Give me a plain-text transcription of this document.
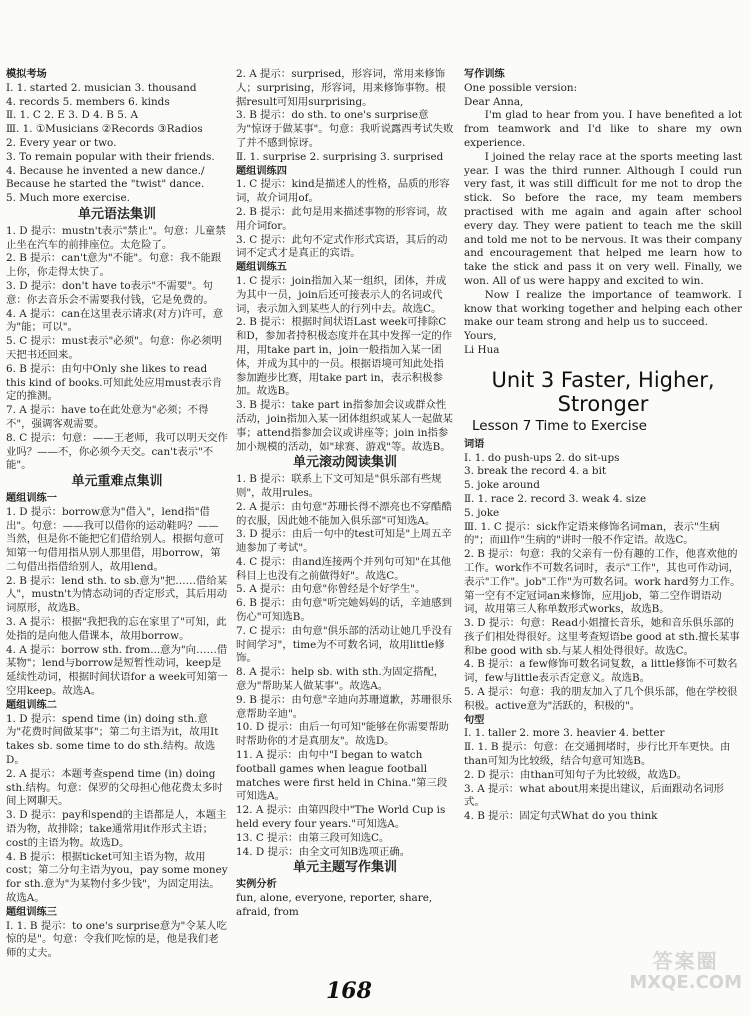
模拟考场

Ⅰ. 1. started 2. musician 3. thousand

4. records 5. members 6. kinds

Ⅱ. 1. C 2. E 3. D 4. B 5. A

Ⅲ. 1. ①Musicians ②Records ③Radios

2. Every year or two.

3. To remain popular with their friends.

4. Because he invented a new dance./ Because he started the "twist" dance.

5. Much more exercise.

单元语法集训

1. D 提示：mustn't表示"禁止"。句意：儿童禁止坐在汽车的前排座位。太危险了。

2. B 提示：can't意为"不能"。句意：我不能跟上你，你走得太快了。

3. D 提示：don't have to表示"不需要"。句意：你去音乐会不需要我付钱，它是免费的。

4. A 提示：can在这里表示请求(对方)许可，意为"能；可以"。

5. C 提示：must表示"必须"。句意：你必须明天把书还回来。

6. B 提示：由句中Only she likes to read this kind of books.可知此处应用must表示肯定的推测。

7. A 提示：have to在此处意为"必须；不得不"，强调客观需要。

8. C 提示：句意：——王老师，我可以明天交作业吗？——不，你必须今天交。can't表示"不能"。

单元重难点集训

题组训练一

1. D 提示：borrow意为"借入"，lend指"借出"。句意：——我可以借你的运动鞋吗？——当然，但是你不能把它们借给别人。根据句意可知第一句借用指从别人那里借，用borrow，第二句借出指借给别人，故用lend。

2. B 提示：lend sth. to sb.意为"把……借给某人"，mustn't为情态动词的否定形式，其后用动词原形，故选B。

3. A 提示：根据"我把我的忘在家里了"可知，此处指的是向他人借课本，故用borrow。

4. A 提示：borrow sth. from...意为"向……借某物"；lend与borrow是短暂性动词，keep是延续性动词，根据时间状语for a week可知第一空用keep。故选A。

题组训练二

1. D 提示：spend time (in) doing sth.意为"花费时间做某事"；第二句主语为it，故用It takes sb. some time to do sth.结构。故选D。

2. A 提示：本题考查spend time (in) doing sth.结构。句意：保罗的父母担心他花费太多时间上网聊天。

3. D 提示：pay和spend的主语都是人，本题主语为物，故排除；take通常用it作形式主语；cost的主语为物。故选D。

4. B 提示：根据ticket可知主语为物，故用cost；第二分句主语为you，pay some money for sth.意为"为某物付多少钱"，为固定用法。故选A。

题组训练三

Ⅰ. 1. B 提示：to one's surprise意为"令某人吃惊的是"。句意：令我们吃惊的是，他是我们老师的丈夫。

2. A 提示：surprised，形容词，常用来修饰人；surprising，形容词，用来修饰事物。根据result可知用surprising。

3. B 提示：do sth. to one's surprise意为"惊讶于做某事"。句意：我听说露西考试失败了并不感到惊讶。

Ⅱ. 1. surprise 2. surprising 3. surprised

题组训练四

1. C 提示：kind是描述人的性格，品质的形容词，故介词用of。

2. B 提示：此句是用来描述事物的形容词，故用介词for。

3. C 提示：此句不定式作形式宾语，其后的动词不定式才是真正的宾语。

题组训练五

1. C 提示：join指加入某一组织，团体，并成为其中一员，join后还可接表示人的名词或代词，表示加入到某些人的行列中去。故选C。

2. B 提示：根据时间状语Last week可排除C和D，参加者持积极态度并在其中发挥一定的作用，用take part in，join一般指加入某一团体，并成为其中的一员。根据语境可知此处指参加跑步比赛，用take part in，表示积极参加。故选B。

3. B 提示：take part in指参加会议或群众性活动，join指加入某一团体组织或某人一起做某事；attend指参加会议或讲座等；join in指参加小规模的活动，如"球赛、游戏"等。故选B。

单元滚动阅读集训

1. B 提示：联系上下文可知是"俱乐部有些规则"，故用rules。

2. A 提示：由句意"苏珊长得不漂亮也不穿酷酷的衣服，因此她不能加入俱乐部"可知选A。

3. D 提示：由后一句中的test可知是"上周五辛迪参加了考试"。

4. C 提示：由and连接两个并列句可知"在其他科目上也没有之前做得好"。故选C。

5. A 提示：由句意"你曾经是个好学生"。

6. B 提示：由句意"听完她妈妈的话，辛迪感到伤心"可知选B。

7. C 提示：由句意"俱乐部的活动让她几乎没有时间学习"，time为不可数名词，故用little修饰。

8. A 提示：help sb. with sth.为固定搭配，意为"帮助某人做某事"。故选A。

9. B 提示：由句意"辛迪向苏珊道歉，苏珊很乐意帮助辛迪"。

10. D 提示：由后一句可知"能够在你需要帮助时帮助你的才是真朋友"。故选D。

11. A 提示：由句中"I began to watch football games when league football matches were first held in China."第三段可知选A。

12. A 提示：由第四段中"The World Cup is held every four years."可知选A。

13. C 提示：由第三段可知选C。

14. D 提示：由全文可知B选项正确。

单元主题写作集训

实例分析

fun, alone, everyone, reporter, share, afraid, from

写作训练

One possible version:

Dear Anna,

I'm glad to hear from you. I have benefited a lot from teamwork and I'd like to share my own experience.

I joined the relay race at the sports meeting last year. I was the third runner. Although I could run very fast, it was still difficult for me not to drop the stick. So before the race, my team members practised with me again and again after school every day. They were patient to teach me the skill and told me not to be nervous. It was their company and encouragement that helped me learn how to take the stick and pass it on very well. Finally, we won. All of us were happy and excited to win.

Now I realize the importance of teamwork. I know that working together and helping each other make our team strong and help us to succeed.

Yours,

Li Hua

Unit 3 Faster, Higher, Stronger
Lesson 7 Time to Exercise

词语

Ⅰ. 1. do push-ups 2. do sit-ups

3. break the record 4. a bit

5. joke around

Ⅱ. 1. race 2. record 3. weak 4. size

5. joke

Ⅲ. 1. C 提示：sick作定语来修饰名词man，表示"生病的"；而ill作"生病的"讲时一般不作定语。故选C。

2. B 提示：句意：我的父亲有一份有趣的工作，他喜欢他的工作。work作不可数名词时，表示"工作"，其也可作动词，表示"工作"。job"工作"为可数名词。work hard努力工作。第一空有不定冠词an来修饰，应用job，第二空作谓语动词，故用第三人称单数形式works，故选B。

3. D 提示：句意：Read小姐擅长音乐，她和音乐俱乐部的孩子们相处得很好。这里考查短语be good at sth.擅长某事和be good with sb.与某人相处得很好。故选C。

4. B 提示：a few修饰可数名词复数，a little修饰不可数名词，few与little表示否定意义。故选B。

5. A 提示：句意：我的朋友加入了几个俱乐部，他在学校很积极。active意为"活跃的，积极的"。

句型

Ⅰ. 1. taller 2. more 3. heavier 4. better

Ⅱ. 1. B 提示：句意：在交通拥堵时，步行比开车更快。由than可知为比较级，结合句意可知选B。

2. D 提示：由than可知句子为比较级，故选D。

3. A 提示：what about用来提出建议，后面跟动名词形式。

4. B 提示：固定句式What do you think

168
答案圈
MXQE.COM
